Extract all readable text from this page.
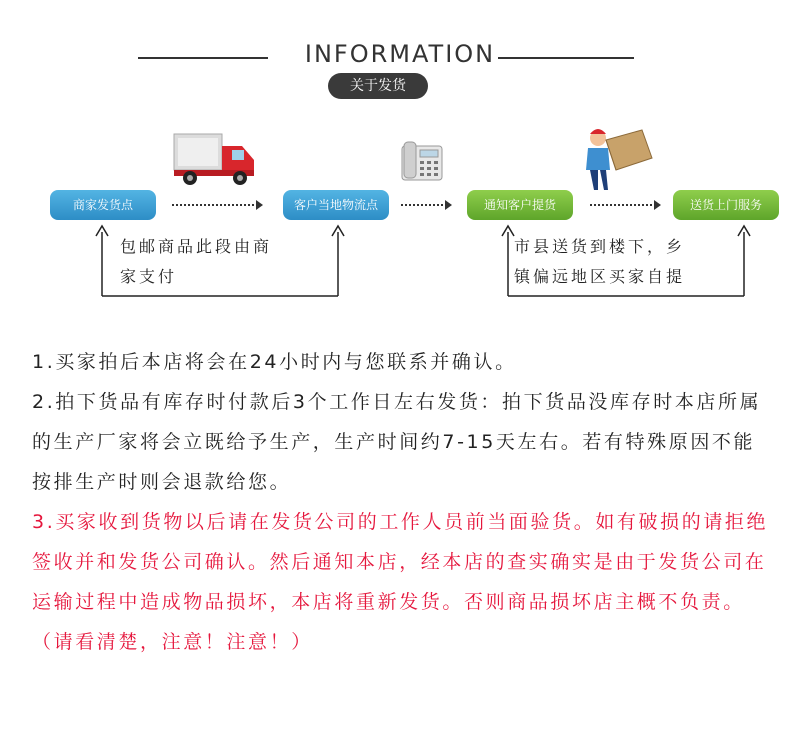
INFORMATION
关于发货
商家发货点	客户当地物流点	通知客户提货	送货上门服务
包邮商品此段由商
家支付
市县送货到楼下，乡
镇偏远地区买家自提

1.买家拍后本店将会在24小时内与您联系并确认。

2.拍下货品有库存时付款后3个工作日左右发货：拍下货品没库存时本店所属的生产厂家将会立既给予生产，生产时间约7-15天左右。若有特殊原因不能按排生产时则会退款给您。

3.买家收到货物以后请在发货公司的工作人员前当面验货。如有破损的请拒绝签收并和发货公司确认。然后通知本店，经本店的查实确实是由于发货公司在运输过程中造成物品损坏，本店将重新发货。否则商品损坏店主概不负责。（请看清楚，注意！注意！）
